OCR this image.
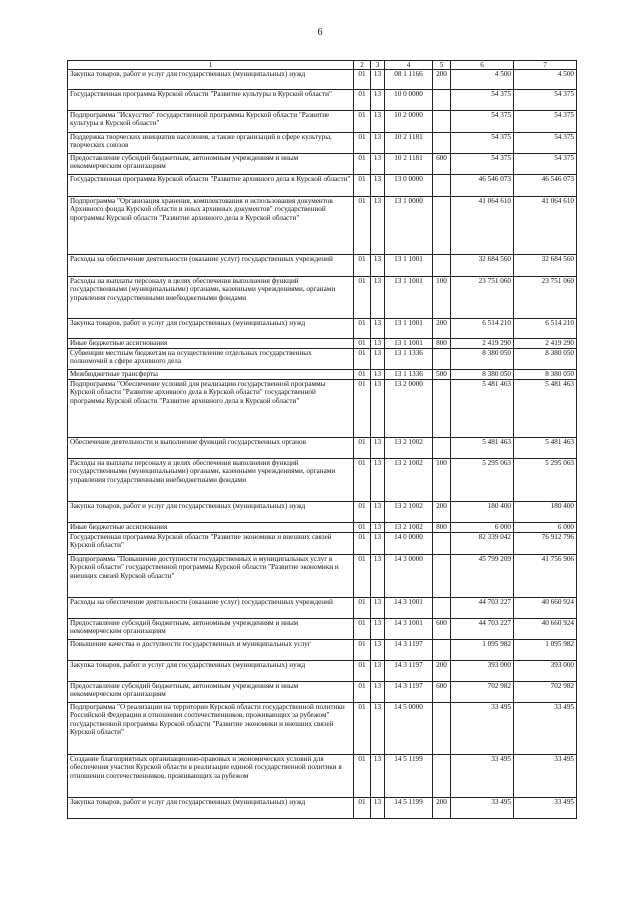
6
1	2	3	4	5	6	7
Закупка товаров, работ и услуг для государственных (муниципальных) нужд	01	13	08 1 1166	200	4 500	4 500
Государственная программа Курской области "Развитие культуры в Курской области"	01	13	10 0 0000		54 375	54 375
Подпрограмма "Искусство" государственной программы Курской области "Развитие культуры в Курской области"	01	13	10 2 0000		54 375	54 375
Поддержка творческих инициатив населения, а также организаций в сфере культуры, творческих союзов	01	13	10 2 1181		54 375	54 375
Предоставление субсидий бюджетным, автономным учреждениям и иным некоммерческим организациям	01	13	10 2 1181	600	54 375	54 375
Государственная программа Курской области "Развитие архивного дела в Курской области"	01	13	13 0 0000		46 546 073	46 546 073
Подпрограмма "Организация хранения, комплектования и использования документов Архивного фонда Курской области и иных архивных документов" государственной программы Курской области "Развитие архивного дела в Курской области"	01	13	13 1 0000		41 064 610	41 064 610
Расходы на обеспечение деятельности (оказание услуг) государственных учреждений	01	13	13 1 1001		32 684 560	32 684 560
Расходы на выплаты персоналу в целях обеспечения выполнения функций государственными (муниципальными) органами, казенными учреждениями, органами управления государственными внебюджетными фондами	01	13	13 1 1001	100	23 751 060	23 751 060
Закупка товаров, работ и услуг для государственных (муниципальных) нужд	01	13	13 1 1001	200	6 514 210	6 514 210
Иные бюджетные ассигнования	01	13	13 1 1001	800	2 419 290	2 419 290
Субвенции местным бюджетам на осуществление отдельных государственных полномочий в сфере архивного дела	01	13	13 1 1336		8 380 050	8 380 050
Межбюджетные трансферты	01	13	13 1 1336	500	8 380 050	8 380 050
Подпрограмма "Обеспечение условий для реализации государственной программы Курской области "Развитие архивного дела в Курской области" государственной программы Курской области "Развитие архивного дела в Курской области"	01	13	13 2 0000		5 481 463	5 481 463
Обеспечение деятельности и выполнение функций государственных органов	01	13	13 2 1002		5 481 463	5 481 463
Расходы на выплаты персоналу в целях обеспечения выполнения функций государственными (муниципальными) органами, казенными учреждениями, органами управления государственными внебюджетными фондами	01	13	13 2 1002	100	5 295 063	5 295 063
Закупка товаров, работ и услуг для государственных (муниципальных) нужд	01	13	13 2 1002	200	180 400	180 400
Иные бюджетные ассигнования	01	13	13 2 1002	800	6 000	6 000
Государственная программа Курской области "Развитие экономики и внешних связей Курской области"	01	13	14 0 0000		82 339 042	76 912 796
Подпрограмма "Повышение доступности государственных и муниципальных услуг в Курской области" государственной программы Курской области "Развитие экономики и внешних связей Курской области"	01	13	14 3 0000		45 799 209	41 756 906
Расходы на обеспечение деятельности (оказание услуг) государственных учреждений	01	13	14 3 1001		44 703 227	40 660 924
Предоставление субсидий бюджетным, автономным учреждениям и иным некоммерческим организациям	01	13	14 3 1001	600	44 703 227	40 660 924
Повышение качества и доступности государственных и муниципальных услуг	01	13	14 3 1197		1 095 982	1 095 982
Закупка товаров, работ и услуг для государственных (муниципальных) нужд	01	13	14 3 1197	200	393 000	393 000
Предоставление субсидий бюджетным, автономным учреждениям и иным некоммерческим организациям	01	13	14 3 1197	600	702 982	702 982
Подпрограмма "О реализации на территории Курской области государственной политики Российской Федерации в отношении соотечественников, проживающих за рубежом" государственной программы Курской области "Развитие экономики и внешних связей Курской области"	01	13	14 5 0000		33 495	33 495
Создание благоприятных организационно-правовых и экономических условий для обеспечения участия Курской области в реализации единой государственной политики в отношении соотечественников, проживающих за рубежом	01	13	14 5 1199		33 495	33 495
Закупка товаров, работ и услуг для государственных (муниципальных) нужд	01	13	14 5 1199	200	33 495	33 495
